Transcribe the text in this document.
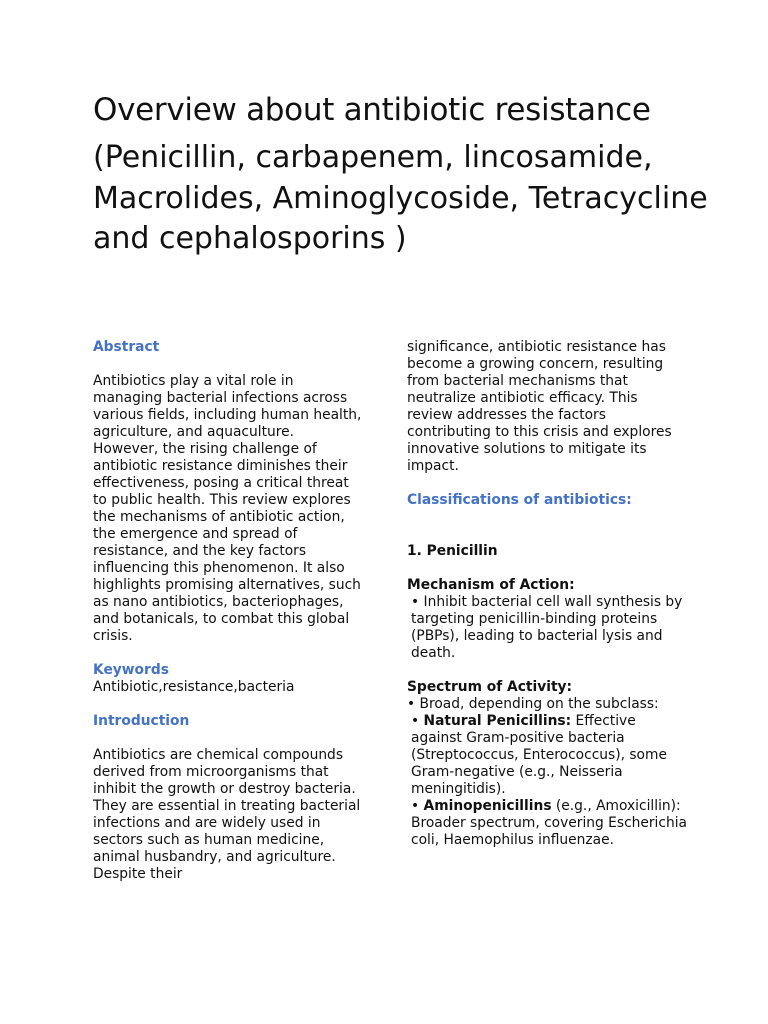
Overview about antibiotic resistance
(Penicillin, carbapenem, lincosamide, Macrolides, Aminoglycoside, Tetracycline and cephalosporins )
Abstract

Antibiotics play a vital role in managing bacterial infections across various fields, including human health, agriculture, and aquaculture. However, the rising challenge of antibiotic resistance diminishes their effectiveness, posing a critical threat to public health. This review explores the mechanisms of antibiotic action, the emergence and spread of resistance, and the key factors influencing this phenomenon. It also highlights promising alternatives, such as nano antibiotics, bacteriophages, and botanicals, to combat this global crisis.

Keywords

Antibiotic,resistance,bacteria

Introduction

Antibiotics are chemical compounds derived from microorganisms that inhibit the growth or destroy bacteria. They are essential in treating bacterial infections and are widely used in sectors such as human medicine, animal husbandry, and agriculture. Despite their

significance, antibiotic resistance has become a growing concern, resulting from bacterial mechanisms that neutralize antibiotic efficacy. This review addresses the factors contributing to this crisis and explores innovative solutions to mitigate its impact.

Classifications of antibiotics:
1. Penicillin
Mechanism of Action:

• Inhibit bacterial cell wall synthesis by targeting penicillin-binding proteins (PBPs), leading to bacterial lysis and death.

Spectrum of Activity:

• Broad, depending on the subclass:

• Natural Penicillins: Effective against Gram-positive bacteria (Streptococcus, Enterococcus), some Gram-negative (e.g., Neisseria meningitidis).

• Aminopenicillins (e.g., Amoxicillin): Broader spectrum, covering Escherichia coli, Haemophilus influenzae.
